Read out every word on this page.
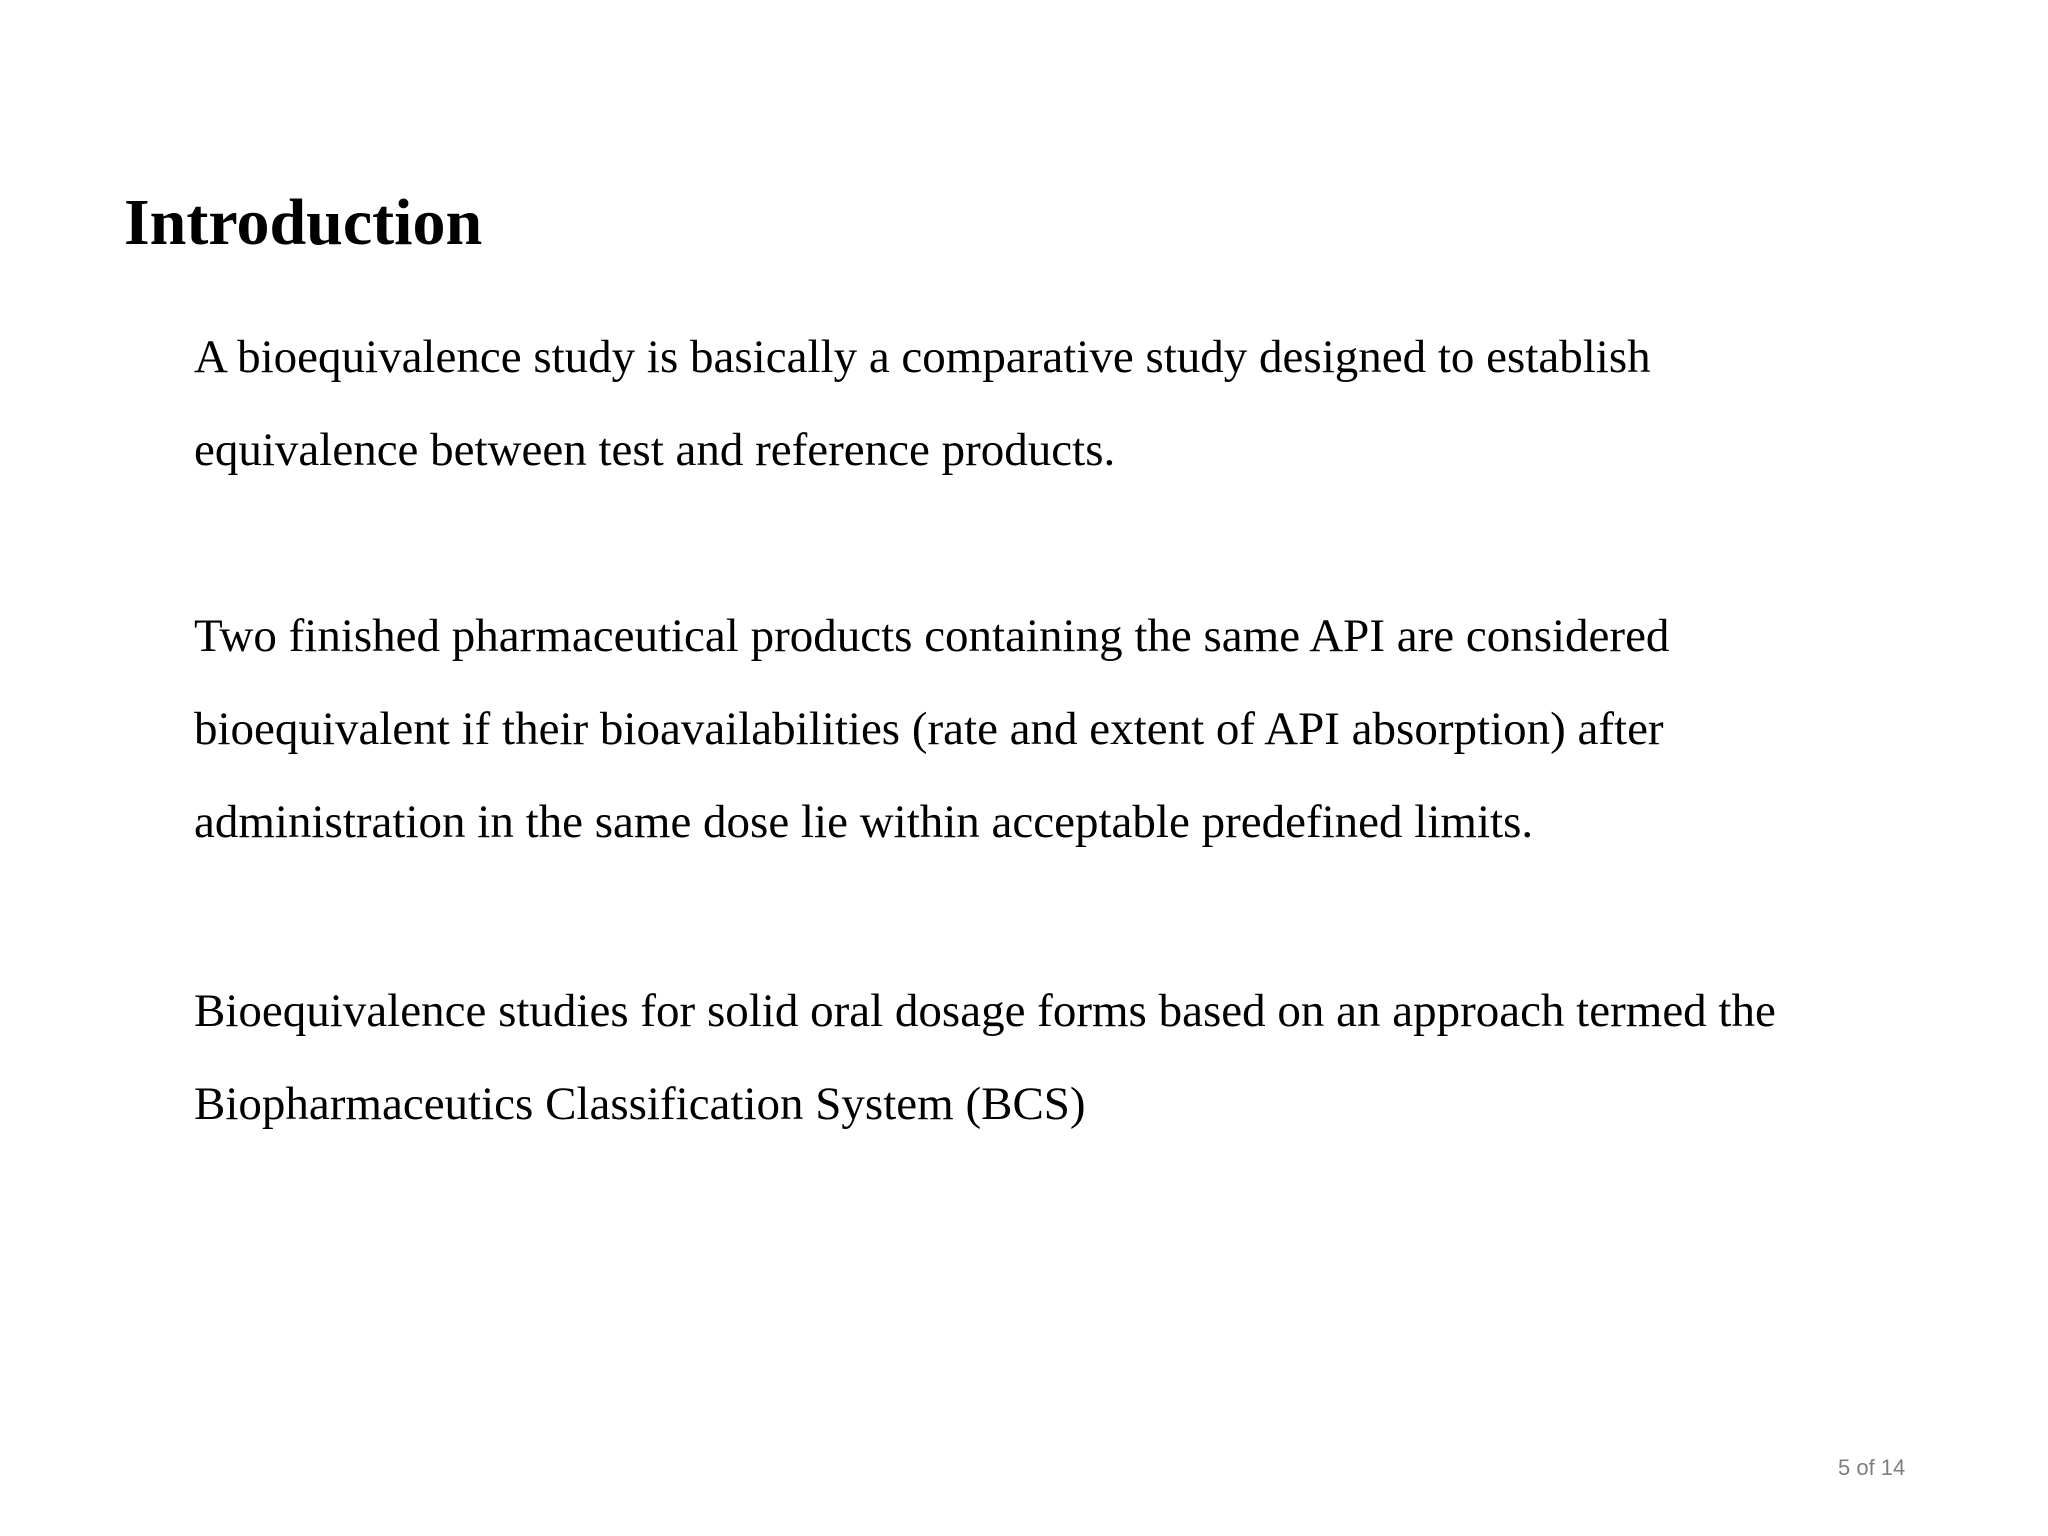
Introduction

A bioequivalence study is basically a comparative study designed to establish
equivalence between test and reference products.

Two finished pharmaceutical products containing the same API are considered
bioequivalent if their bioavailabilities (rate and extent of API absorption) after
administration in the same dose lie within acceptable predefined limits.

Bioequivalence studies for solid oral dosage forms based on an approach termed the
Biopharmaceutics Classification System (BCS)

5 of 14
